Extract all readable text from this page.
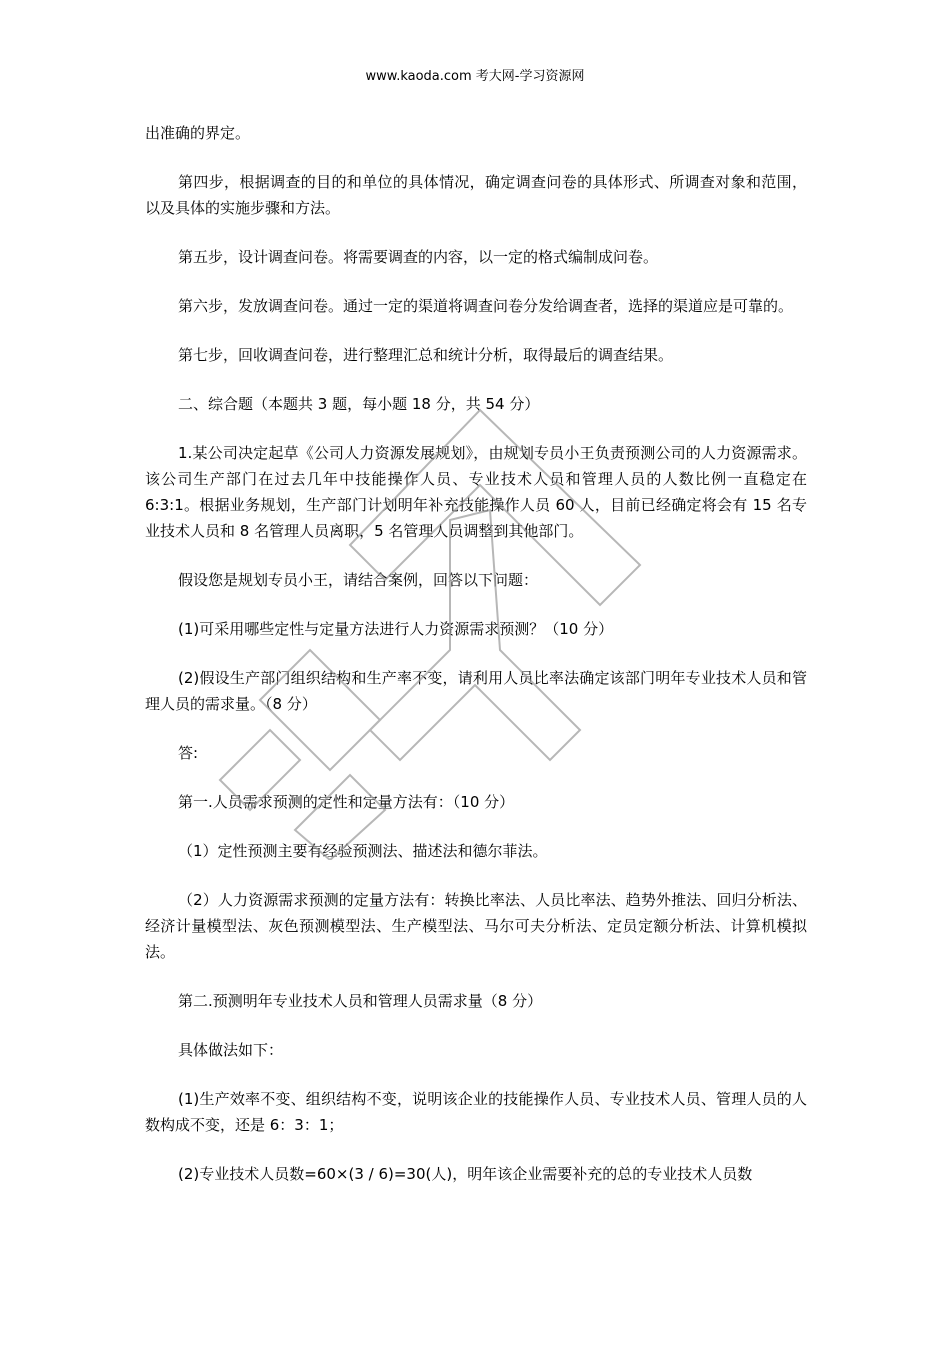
www.kaoda.com 考大网-学习资源网

出准确的界定。

第四步，根据调查的目的和单位的具体情况，确定调查问卷的具体形式、所调查对象和范围，以及具体的实施步骤和方法。

第五步，设计调查问卷。将需要调查的内容，以一定的格式编制成问卷。

第六步，发放调查问卷。通过一定的渠道将调查问卷分发给调查者，选择的渠道应是可靠的。

第七步，回收调查问卷，进行整理汇总和统计分析，取得最后的调查结果。

二、综合题（本题共 3 题，每小题 18 分，共 54 分）

1.某公司决定起草《公司人力资源发展规划》，由规划专员小王负责预测公司的人力资源需求。该公司生产部门在过去几年中技能操作人员、专业技术人员和管理人员的人数比例一直稳定在 6:3:1。根据业务规划，生产部门计划明年补充技能操作人员 60 人，目前已经确定将会有 15 名专业技术人员和 8 名管理人员离职，5 名管理人员调整到其他部门。

假设您是规划专员小王，请结合案例，回答以下问题：

(1)可采用哪些定性与定量方法进行人力资源需求预测？（10 分）

(2)假设生产部门组织结构和生产率不变，请利用人员比率法确定该部门明年专业技术人员和管理人员的需求量。（8 分）

答:

第一.人员需求预测的定性和定量方法有：（10 分）

（1）定性预测主要有经验预测法、描述法和德尔菲法。

（2）人力资源需求预测的定量方法有：转换比率法、人员比率法、趋势外推法、回归分析法、经济计量模型法、灰色预测模型法、生产模型法、马尔可夫分析法、定员定额分析法、计算机模拟法。

第二.预测明年专业技术人员和管理人员需求量（8 分）

具体做法如下：

(1)生产效率不变、组织结构不变，说明该企业的技能操作人员、专业技术人员、管理人员的人数构成不变，还是 6：3：1；

(2)专业技术人员数=60×(3 / 6)=30(人)，明年该企业需要补充的总的专业技术人员数
